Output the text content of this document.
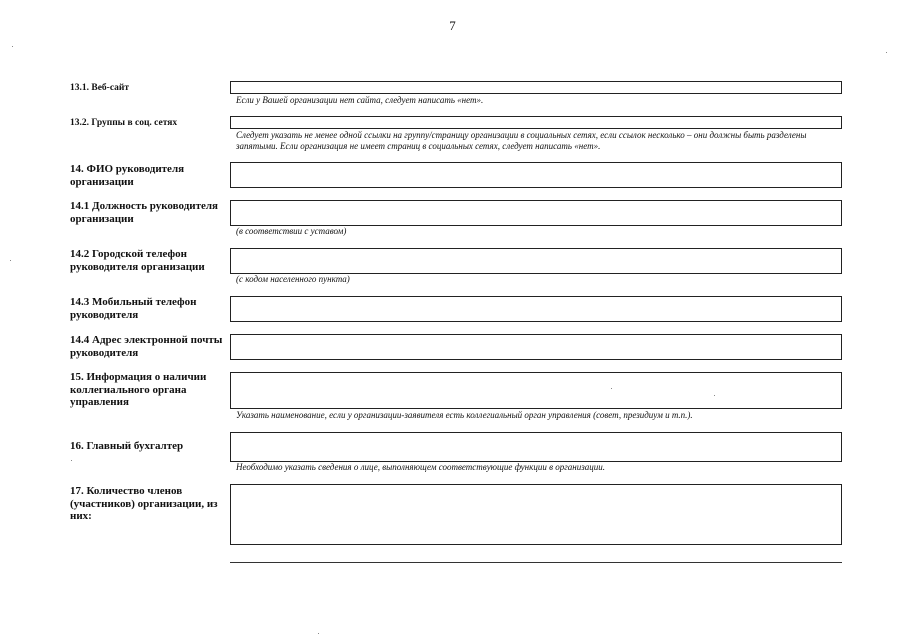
7
13.1. Веб-сайт
Если у Вашей организации нет сайта, следует написать «нет».
13.2. Группы в соц. сетях
Следует указать не менее одной ссылки на группу/страницу организации в социальных сетях, если ссылок несколько – они должны быть разделены запятыми. Если организация не имеет страниц в социальных сетях, следует написать «нет».
14. ФИО руководителя организации
14.1 Должность руководителя организации
(в соответствии с уставом)
14.2 Городской телефон руководителя организации
(с кодом населенного пункта)
14.3 Мобильный телефон руководителя
14.4 Адрес электронной почты руководителя
15. Информация о наличии коллегиального органа управления
Указать наименование, если у организации-заявителя есть коллегиальный орган управления (совет, президиум и т.п.).
16. Главный бухгалтер
Необходимо указать сведения о лице, выполняющем соответствующие функции в организации.
17. Количество членов (участников) организации, из них:
